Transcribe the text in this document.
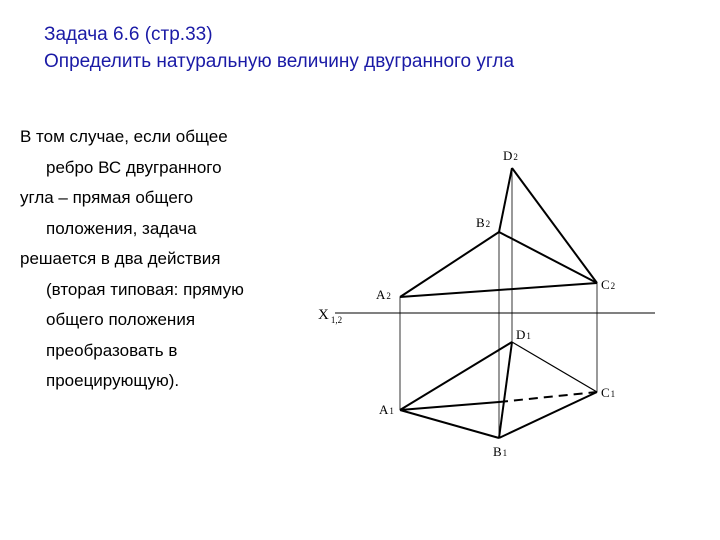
Задача 6.6 (стр.33)
Определить натуральную величину двугранного угла
В том случае, если общее
ребро ВС двугранного
угла – прямая общего
положения, задача
решается в два действия
(вторая типовая: прямую
общего положения
преобразовать в
проецирующую).
D2
B2
A2
C2
X $_{1,2}$
D1
C1
A1
B1
